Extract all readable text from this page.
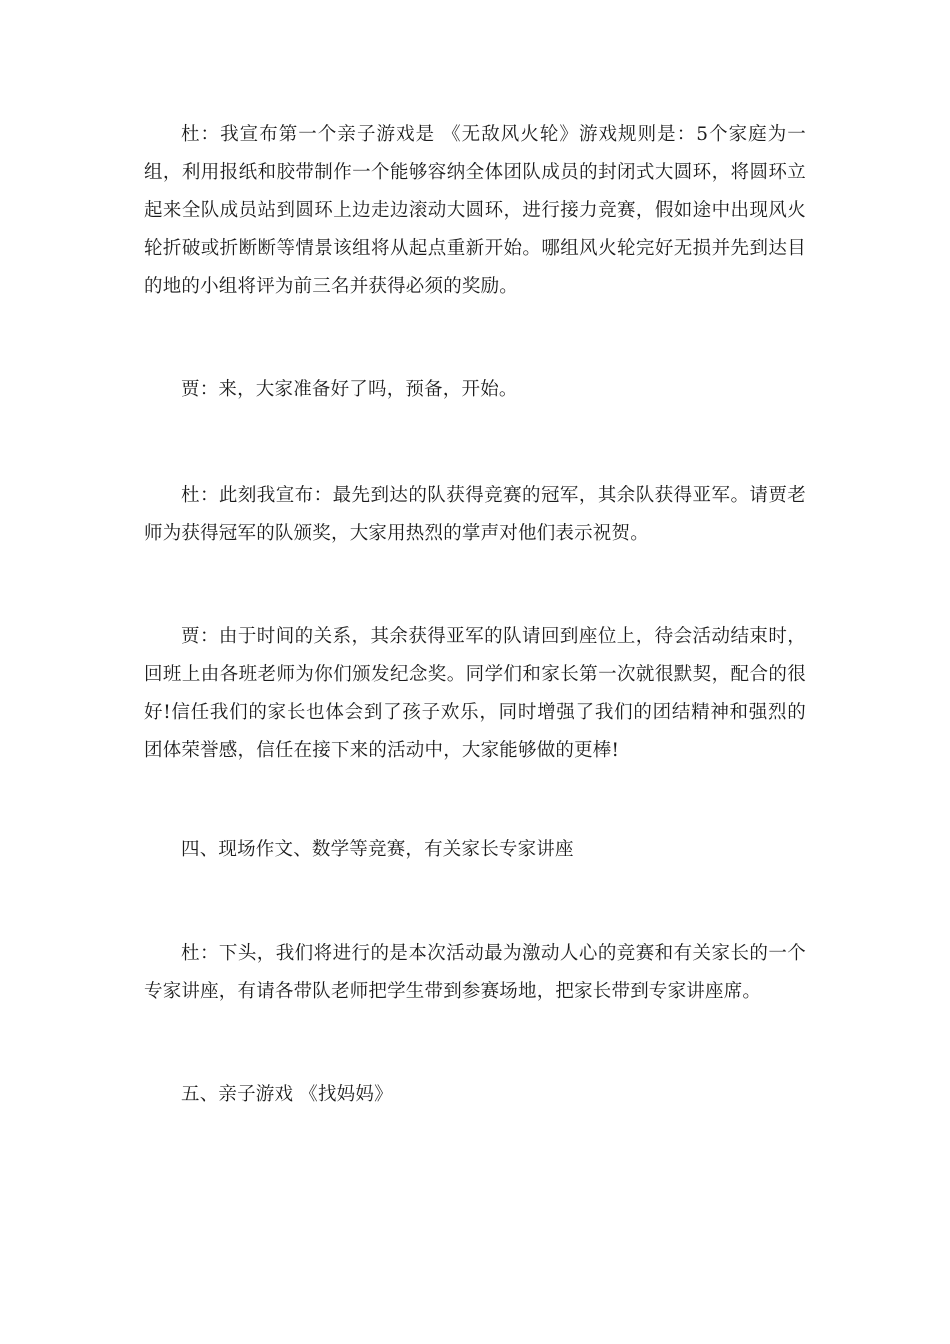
杜：我宣布第一个亲子游戏是 《无敌风火轮》游戏规则是：5个家庭为一组，利用报纸和胶带制作一个能够容纳全体团队成员的封闭式大圆环，将圆环立起来全队成员站到圆环上边走边滚动大圆环，进行接力竞赛，假如途中出现风火轮折破或折断断等情景该组将从起点重新开始。哪组风火轮完好无损并先到达目的地的小组将评为前三名并获得必须的奖励。

贾：来，大家准备好了吗，预备，开始。

杜：此刻我宣布：最先到达的队获得竞赛的冠军，其余队获得亚军。请贾老师为获得冠军的队颁奖，大家用热烈的掌声对他们表示祝贺。

贾：由于时间的关系，其余获得亚军的队请回到座位上，待会活动结束时，回班上由各班老师为你们颁发纪念奖。同学们和家长第一次就很默契，配合的很好!信任我们的家长也体会到了孩子欢乐，同时增强了我们的团结精神和强烈的团体荣誉感，信任在接下来的活动中，大家能够做的更棒!

四、现场作文、数学等竞赛，有关家长专家讲座

杜：下头，我们将进行的是本次活动最为激动人心的竞赛和有关家长的一个专家讲座，有请各带队老师把学生带到参赛场地，把家长带到专家讲座席。

五、亲子游戏 《找妈妈》
